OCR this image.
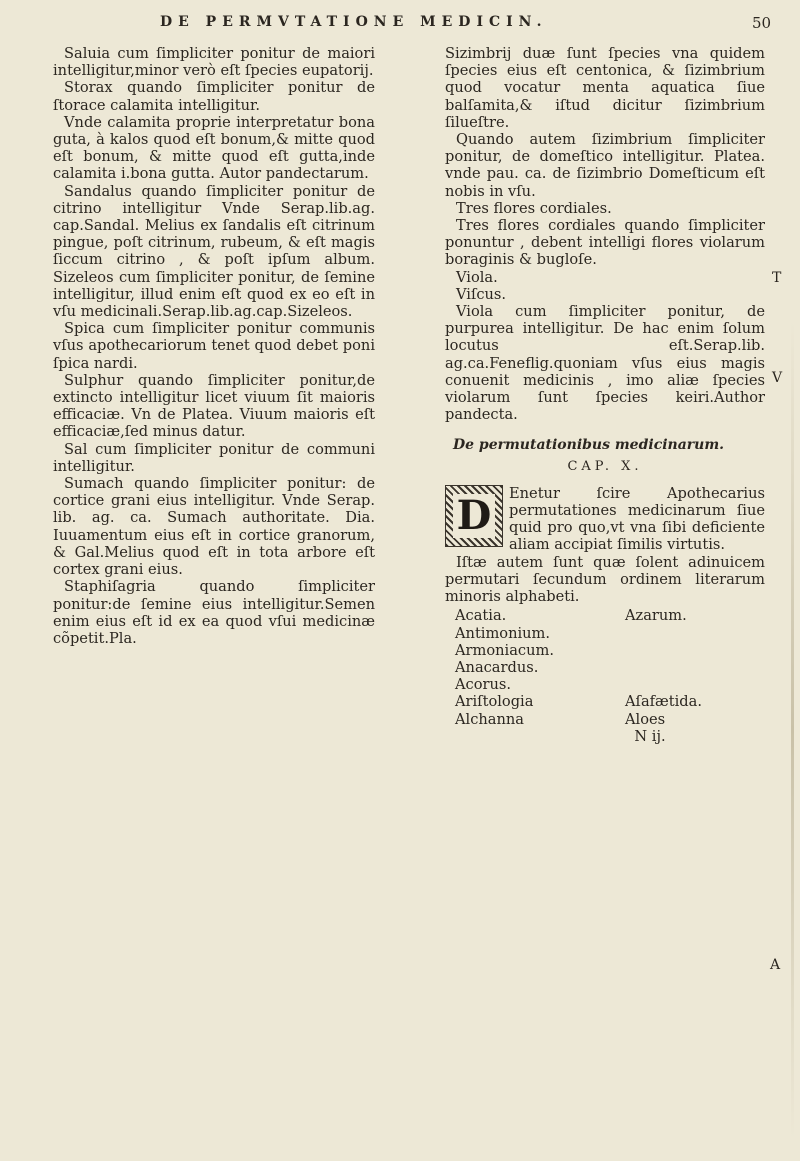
DE PERMVTATIONE MEDICIN.	50

Saluia cum ſimpliciter ponitur de maiori intelligitur,minor verò eſt ſpecies eupatorij.

Storax quando ſimpliciter ponitur de ſtorace calamita intelligitur.

Vnde calamita proprie interpretatur bona guta, à kalos quod eſt bonum,& mitte quod eſt bonum, & mitte quod eſt gutta,inde calamita i.bona gutta. Autor pandectarum.

Sandalus quando ſimpliciter ponitur de citrino intelligitur Vnde Serap.lib.ag. cap.Sandal. Melius ex ſandalis eſt citrinum pingue, poſt citrinum, rubeum, & eſt magis ſiccum citrino , & poſt ipſum album. Sizeleos cum ſimpliciter ponitur, de ſemine intelligitur, illud enim eſt quod ex eo eſt in vſu medicinali.Serap.lib.ag.cap.Sizeleos.

Spica cum ſimpliciter ponitur communis vſus apothecariorum tenet quod debet poni ſpica nardi.

Sulphur quando ſimpliciter ponitur,de extincto intelligitur licet viuum ſit maioris efficaciæ. Vn de Platea. Viuum maioris eſt efficaciæ,ſed minus datur.

Sal cum ſimpliciter ponitur de communi intelligitur.

Sumach quando ſimpliciter ponitur: de cortice grani eius intelligitur. Vnde Serap. lib. ag. ca. Sumach authoritate. Dia. Iuuamentum eius eſt in cortice granorum, & Gal.Melius quod eſt in tota arbore eſt cortex grani eius.

Staphiſagria quando ſimpliciter ponitur:de ſemine eius intelligitur.Semen enim eius eſt id ex ea quod vſui medicinæ cõpetit.Pla.

Sizimbrij duæ ſunt ſpecies vna quidem ſpecies eius eſt centonica, & ſizimbrium quod vocatur menta aquatica ſiue balſamita,& iſtud dicitur ſizimbrium ſilueſtre.

Quando autem ſizimbrium ſimpliciter ponitur, de domeſtico intelligitur. Platea. vnde pau. ca. de ſizimbrio Domeſticum eſt nobis in vſu.

Tres flores cordiales.

Tres flores cordiales quando ſimpliciter ponuntur , debent intelligi flores violarum boraginis & bugloſe.

Viola.

Viſcus.

Viola cum ſimpliciter ponitur, de purpurea intelligitur. De hac enim ſolum locutus eſt.Serap.lib. ag.ca.Feneflig.quoniam vſus eius magis conuenit medicinis , imo aliæ ſpecies violarum ſunt ſpecies keiri.Author pandecta.

De permutationibus medicinarum.
CAP. X.
D	Enetur ſcire Apothecarius permutationes medicinarum ſiue quid pro quo,vt vna ſibi deficiente aliam accipiat ſimilis virtutis.

Iſtæ autem ſunt quæ ſolent adinuicem permutari ſecundum ordinem literarum minoris alphabeti.

Acatia.	Azarum.
Antimonium.
Armoniacum.
Anacardus.
Acorus.
Ariſtologia	Aſafætida.
Alchanna	Aloes
N ij.
T
V
A
